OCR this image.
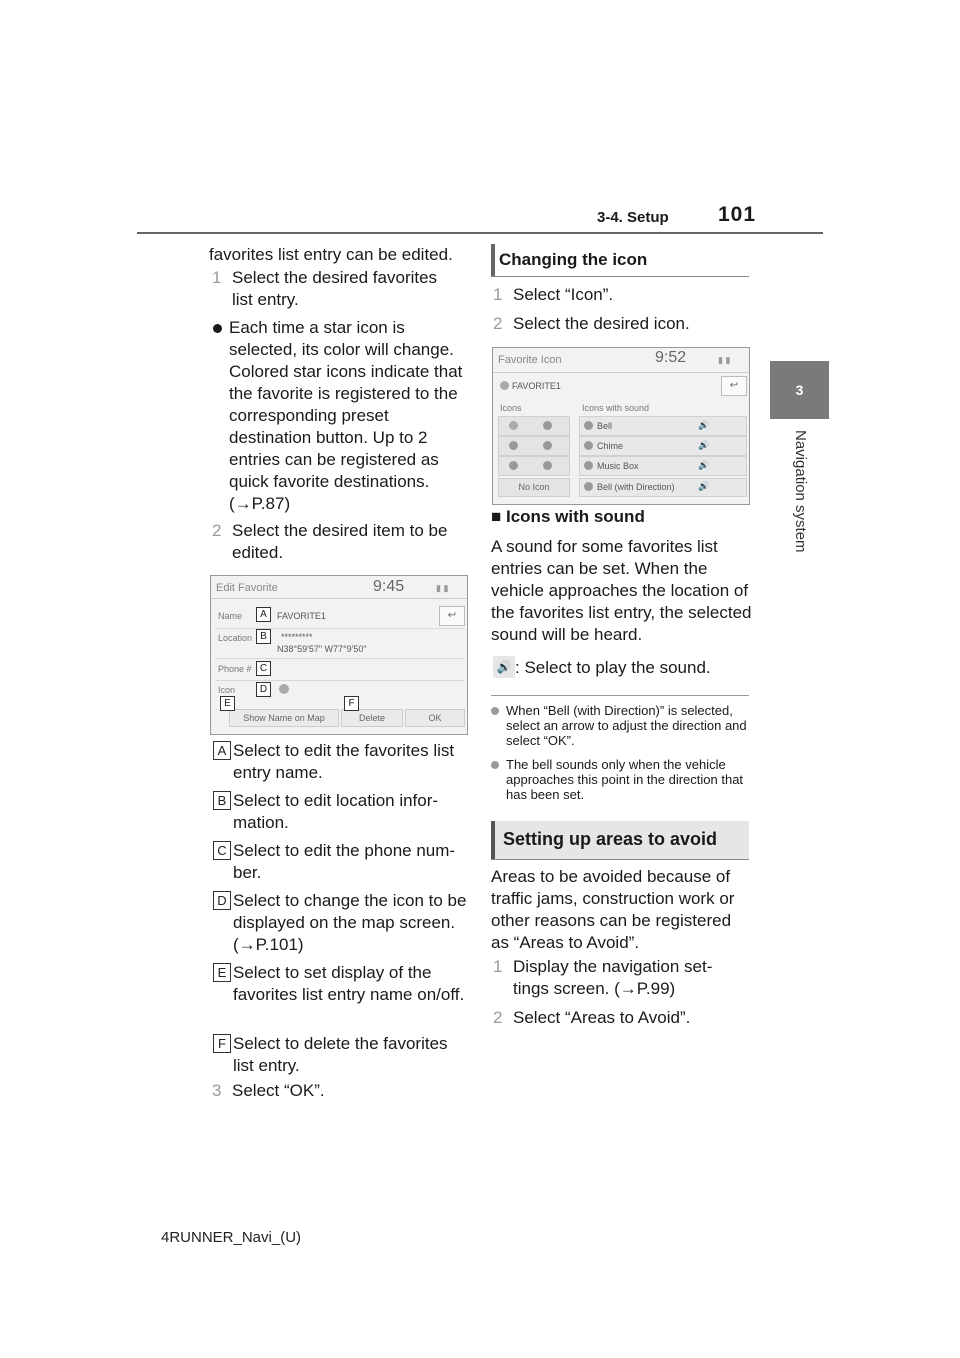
3-4. Setup 101
3
Navigation system
favorites list entry can be edited.
1 Select the desired favorites list entry.
Each time a star icon is selected, its color will change. Colored star icons indicate that the favorite is registered to the corresponding preset destination button. Up to 2 entries can be registered as quick favorite destinations. (→P.87)
2 Select the desired item to be edited.
Edit Favorite	9:45	▮ ▮
Name	FAVORITE1	↩
Location	*********
N38°59'57" W77°9'50"
Phone #
Icon
Show Name on Map	Delete	OK
A
B
C
D
E	F
A Select to edit the favorites list entry name.
B Select to edit location infor-mation.
C Select to edit the phone num-ber.
D Select to change the icon to be displayed on the map screen. (→P.101)
E Select to set display of the favorites list entry name on/off.
F Select to delete the favorites list entry.
3 Select “OK”.
Changing the icon
1 Select “Icon”.
2 Select the desired icon.
Favorite Icon	9:52	▮ ▮
FAVORITE1	↩
Icons	Icons with sound
No Icon
Bell	🔊
Chime	🔊
Music Box	🔊
Bell (with Direction)	🔊
■ Icons with sound
A sound for some favorites list entries can be set. When the vehicle approaches the location of the favorites list entry, the selected sound will be heard.
🔊 : Select to play the sound.
When “Bell (with Direction)” is selected, select an arrow to adjust the direction and select “OK”.
The bell sounds only when the vehicle approaches this point in the direction that has been set.
Setting up areas to avoid
Areas to be avoided because of traffic jams, construction work or other reasons can be registered as “Areas to Avoid”.
1 Display the navigation set-tings screen. (→P.99)
2 Select “Areas to Avoid”.
4RUNNER_Navi_(U)
